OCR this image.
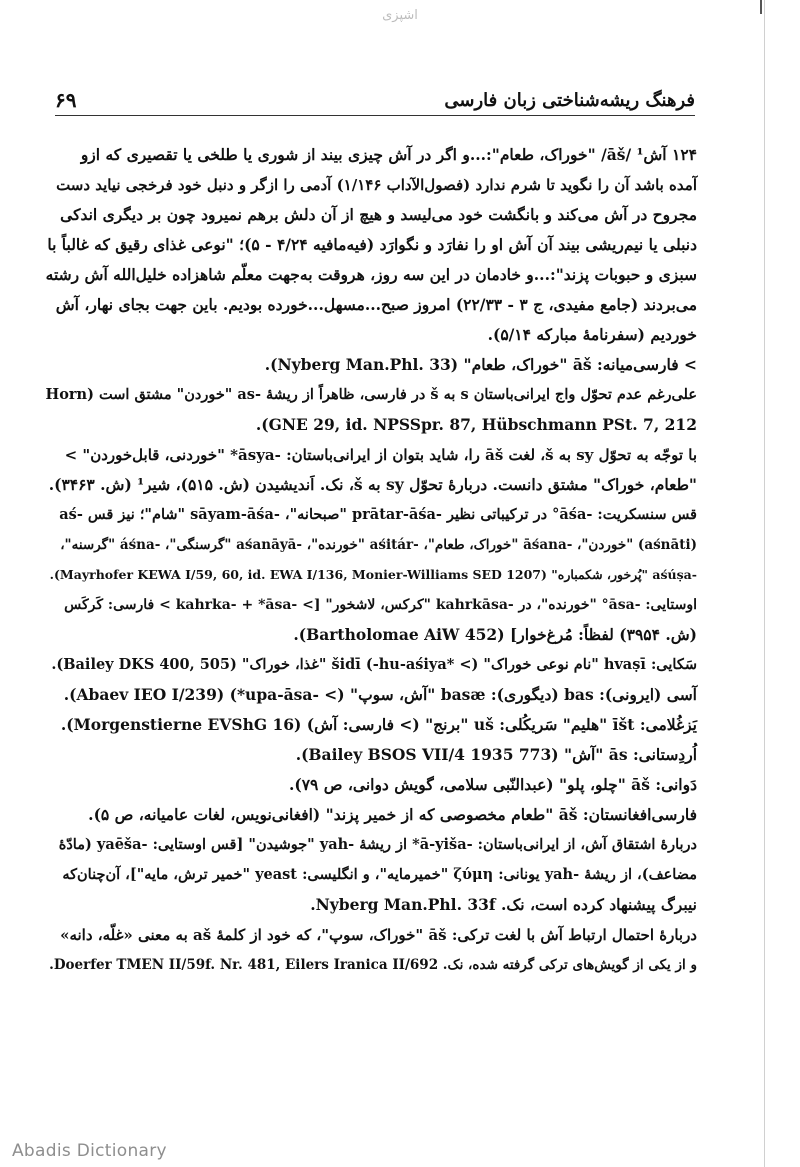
اشپزی
۶۹	فرهنگ ریشه‌شناختی زبان فارسی

۱۲۴ آش¹ /āš/ "خوراک، طعام":...و اگر در آش چیزی بیند از شوری یا طلخی یا تقصیری که ازو

آمده باشد آن را نگوید تا شرم ندارد (فصول‌الآداب ۱/۱۴۶) آدمی را ازگر و دنبل خود فرخجی نیاید دست

مجروح در آش می‌کند و بانگشت خود می‌لیسد و هیچ از آن دلش برهم نمیرود چون بر دیگری اندکی

دنبلی یا نیم‌ریشی بیند آن آش او را نفارَد و نگوارَد (فیه‌مافیه ۴/۲۴ - ۵)؛ "نوعی غذای رقیق که غالباً با

سبزی و حبوبات پزند":...و خادمان در این سه روز، هروقت به‌جهت معلّم شاهزاده خلیل‌الله آش رشته

می‌بردند (جامع مفیدی، ج ۳ - ۲۲/۳۳) امروز صبح...مسهل...خورده بودیم. باین جهت بجای نهار، آش

خوردیم (سفرنامهٔ مبارکه ۵/۱۴).

> فارسی‌میانه: āš "خوراک، طعام" (Nyberg Man.Phl. 33).

علی‌رغم عدم تحوّل واج ایرانی‌باستان s به š در فارسی، ظاهراً از ریشهٔ -as "خوردن" مشتق است (Horn

GNE 29, id. NPSSpr. 87, Hübschmann PSt. 7, 212).

با توجّه به تحوّل sy به š، لغت āš را، شاید بتوان از ایرانی‌باستان: -āsya* "خوردنی، قابل‌خوردن" >

"طعام، خوراک" مشتق دانست. دربارهٔ تحوّل sy به š، نک. اَندیشیدن (ش. ۵۱۵)، شیر¹ (ش. ۳۴۶۳).

قس سنسکریت: -āśa° در ترکیباتی نظیر -prātar-āśa "صبحانه"، -sāyam-āśa "شام"؛ نیز قس -aś

(aśnāti) "خوردن"، -āśana "خوراک، طعام"، -aśitár "خورنده"، -aśanāyā "گرسنگی"، -áśna "گرسنه"،

-aśúṣa "پُرخور، شکمباره" (Mayrhofer KEWA I/59, 60, id. EWA I/136, Monier-Williams SED 1207).

اوستایی: -āsa° "خورنده"، در -kahrkāsa "کرکس، لاشخور" [> -kahrka- + *āsa > فارسی: کَرکَس

(ش. ۳۹۵۴) لفظاً: مُرغ‌خوار] (Bartholomae AiW 452).

سَکایی: hvaṣī "نام نوعی خوراک" (> *hu-aśiya-) šidī "غذا، خوراک" (Bailey DKS 400, 505).

آسی (ایرونی): bas (دیگوری): basæ "آش، سوپ" (> -upa-āsa*) (Abaev IEO I/239).

یَزغُلامی: īšt "هلیم" سَریکُلی: uš "برنج" (> فارسی: آش) (Morgenstierne EVShG 16).

اُردِستانی: ās "آش" (Bailey BSOS VII/4 1935 773).

دَوانی: āš "چلو، پلو" (عبدالنّبی سلامی، گویش دوانی، ص ۷۹).

فارسی‌افغانستان: āš "طعام مخصوصی که از خمیر پزند" (افغانی‌نویس، لغات عامیانه، ص ۵).

دربارهٔ اشتقاق آش، از ایرانی‌باستان: -ā-yiša* از ریشهٔ -yah "جوشیدن" [قس اوستایی: -yaēša (مادّهٔ

مضاعف)، از ریشهٔ -yah یونانی: ζύμη "خمیرمایه"، و انگلیسی: yeast "خمیر ترش، مایه"]، آن‌چنان‌که

نیبرگ پیشنهاد کرده است، نک. Nyberg Man.Phl. 33f.

دربارهٔ احتمال ارتباط آش با لغت ترکی: āš "خوراک، سوپ"، که خود از کلمهٔ aš به معنی «غلّه، دانه»

و از یکی از گویش‌های ترکی گرفته شده، نک. Doerfer TMEN II/59f. Nr. 481, Eilers Iranica II/692.

Abadis Dictionary
